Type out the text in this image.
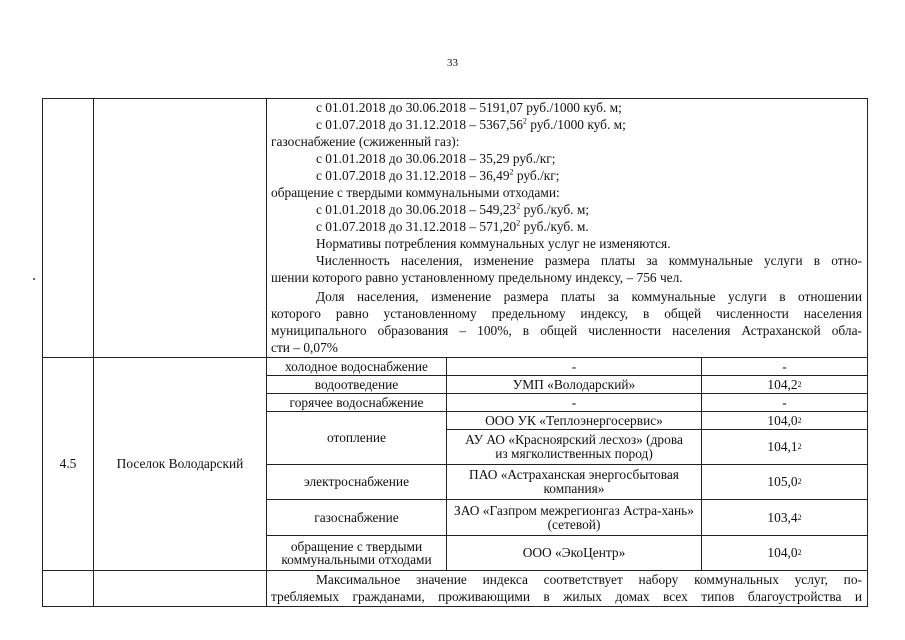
33
с 01.01.2018 до 30.06.2018 – 5191,07 руб./1000 куб. м;
с 01.07.2018 до 31.12.2018 – 5367,56$^2$ руб./1000 куб. м;
газоснабжение (сжиженный газ):
с 01.01.2018 до 30.06.2018 – 35,29 руб./кг;
с 01.07.2018 до 31.12.2018 – 36,49$^2$ руб./кг;
обращение с твердыми коммунальными отходами:
с 01.01.2018 до 30.06.2018 – 549,23$^2$ руб./куб. м;
с 01.07.2018 до 31.12.2018 – 571,20$^2$ руб./куб. м.
Нормативы потребления коммунальных услуг не изменяются.
Численность населения, изменение размера платы за коммунальные услуги в отно-
шении которого равно установленному предельному индексу, – 756 чел.
Доля населения, изменение размера платы за коммунальные услуги в отношении
которого равно установленному предельному индексу, в общей численности населения
муниципального образования – 100%, в общей численности населения Астраханской обла-
сти – 0,07%
4.5	Поселок Володарский
холодное водоснабжение
водоотведение
горячее водоснабжение
отопление
электроснабжение
газоснабжение
обращение с твердыми коммунальными отходами
-
УМП «Володарский»
-
ООО УК «Теплоэнергосервис»
АУ АО «Красноярский лесхоз» (дрова из мягколиственных пород)
ПАО «Астраханская энергосбытовая компания»
ЗАО «Газпром межрегионгаз Астра-хань» (сетевой)
ООО «ЭкоЦентр»
-
104,2 2
-
104,0 2
104,1 2
105,0 2
103,4 2
104,0 2
Максимальное значение индекса соответствует набору коммунальных услуг, по-
требляемых гражданами, проживающими в жилых домах всех типов благоустройства и
